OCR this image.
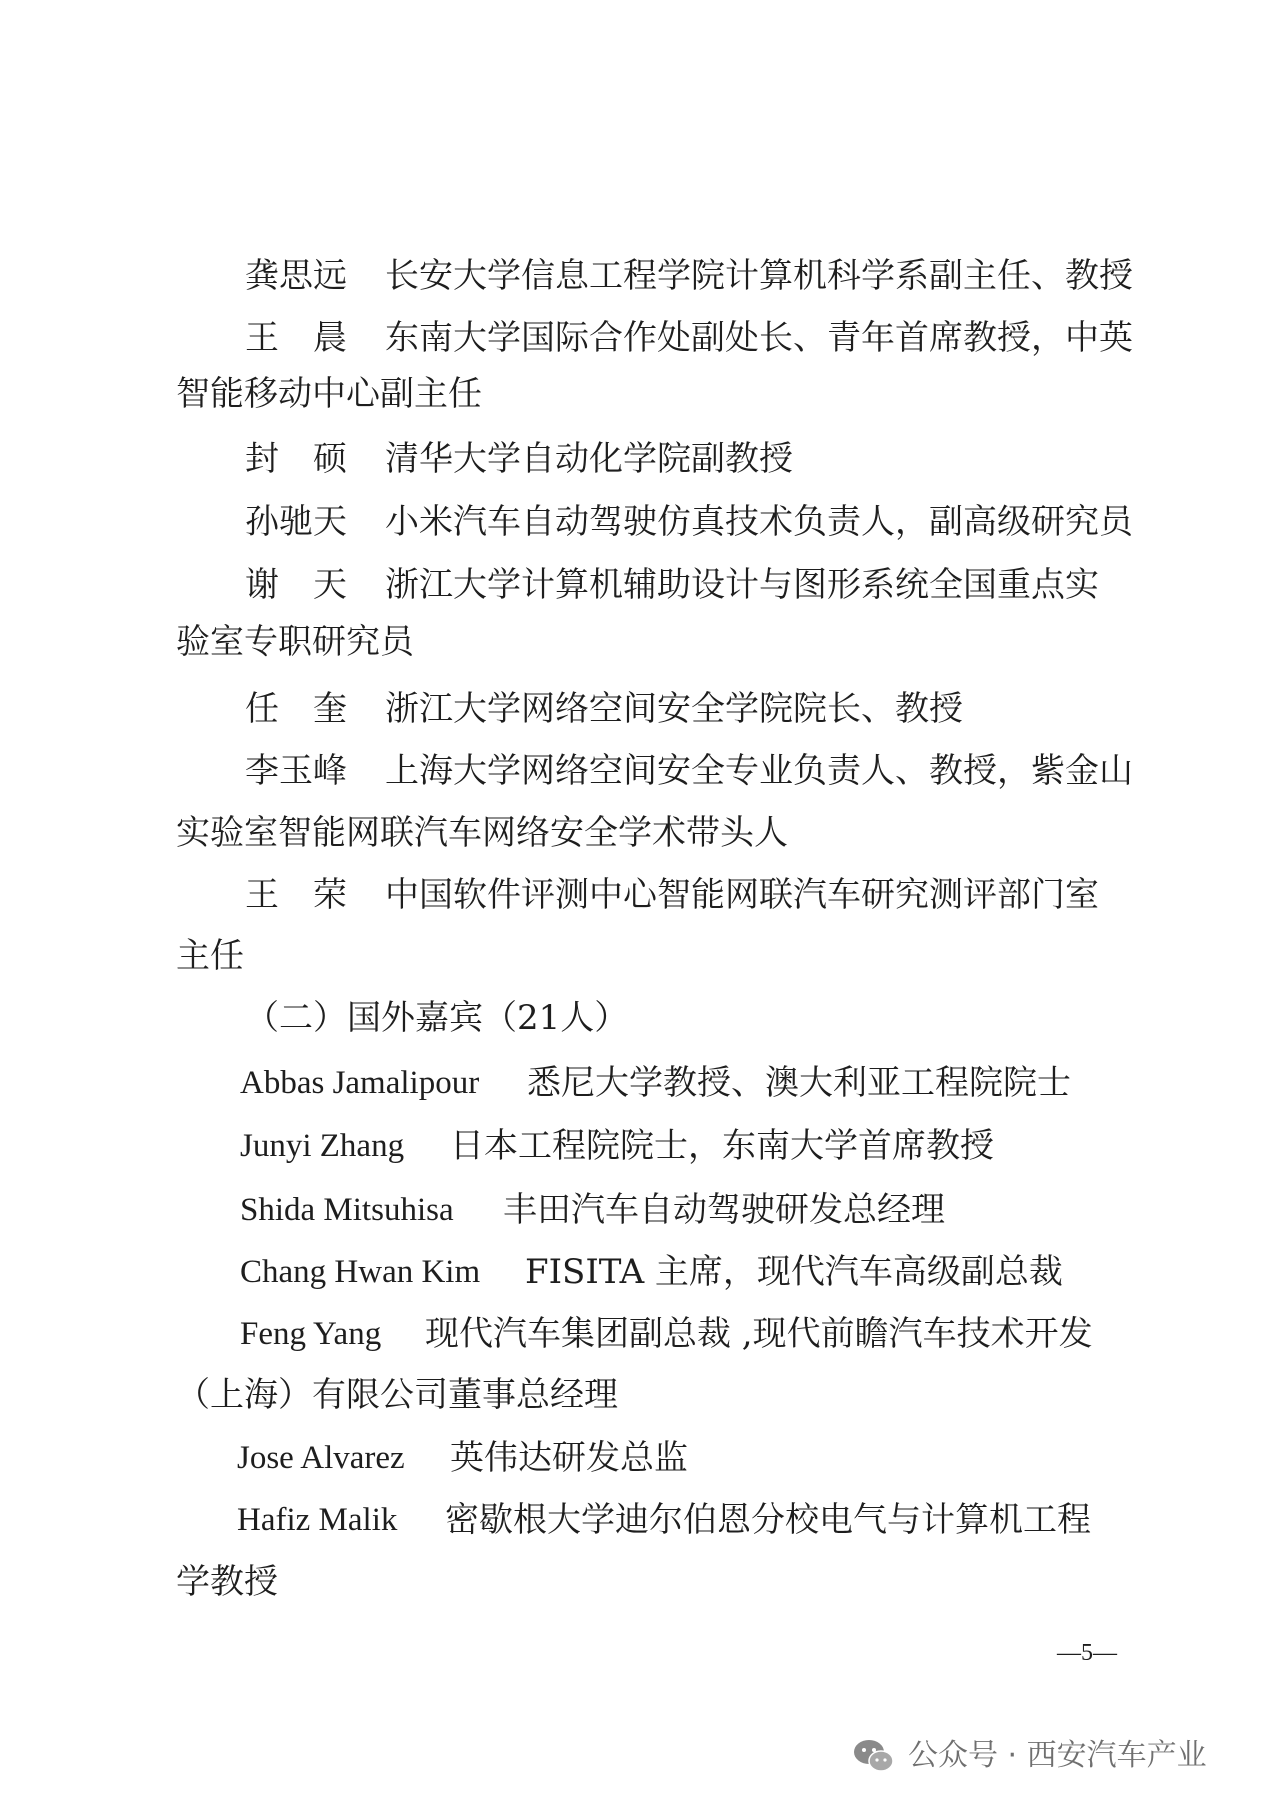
龚思远 长安大学信息工程学院计算机科学系副主任、教授

王　晨 东南大学国际合作处副处长、青年首席教授，中英

智能移动中心副主任

封　硕 清华大学自动化学院副教授

孙驰天 小米汽车自动驾驶仿真技术负责人，副高级研究员

谢　天 浙江大学计算机辅助设计与图形系统全国重点实

验室专职研究员

任　奎 浙江大学网络空间安全学院院长、教授

李玉峰 上海大学网络空间安全专业负责人、教授，紫金山

实验室智能网联汽车网络安全学术带头人

王　荣 中国软件评测中心智能网联汽车研究测评部门室

主任

（二）国外嘉宾（21人）

Abbas Jamalipour 悉尼大学教授、澳大利亚工程院院士

Junyi Zhang 日本工程院院士，东南大学首席教授

Shida Mitsuhisa 丰田汽车自动驾驶研发总经理

Chang Hwan Kim FISITA 主席，现代汽车高级副总裁

Feng Yang 现代汽车集团副总裁 ,现代前瞻汽车技术开发

（上海）有限公司董事总经理

Jose Alvarez 英伟达研发总监

Hafiz Malik 密歇根大学迪尔伯恩分校电气与计算机工程

学教授

—5—
公众号 · 西安汽车产业
